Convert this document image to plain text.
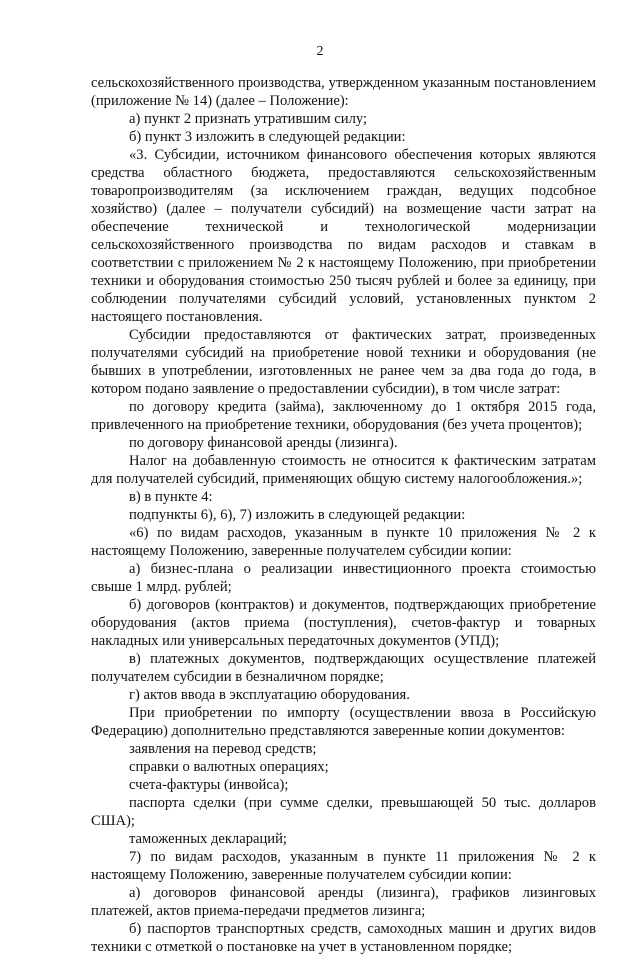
2

сельскохозяйственного производства, утвержденном указанным постановлением (приложение № 14) (далее – Положение):

а) пункт 2 признать утратившим силу;

б) пункт 3 изложить в следующей редакции:

«3. Субсидии, источником финансового обеспечения которых являются средства областного бюджета, предоставляются сельскохозяйственным товаропроизводителям (за исключением граждан, ведущих подсобное хозяйство) (далее – получатели субсидий) на возмещение части затрат на обеспечение технической и технологической модернизации сельскохозяйственного производства по видам расходов и ставкам в соответствии с приложением № 2 к настоящему Положению, при приобретении техники и оборудования стоимостью 250 тысяч рублей и более за единицу, при соблюдении получателями субсидий условий, установленных пунктом 2 настоящего постановления.

Субсидии предоставляются от фактических затрат, произведенных получателями субсидий на приобретение новой техники и оборудования (не бывших в употреблении, изготовленных не ранее чем за два года до года, в котором подано заявление о предоставлении субсидии), в том числе затрат:

по договору кредита (займа), заключенному до 1 октября 2015 года, привлеченного на приобретение техники, оборудования (без учета процентов);

по договору финансовой аренды (лизинга).

Налог на добавленную стоимость не относится к фактическим затратам для получателей субсидий, применяющих общую систему налогообложения.»;

в) в пункте 4:

подпункты 6), 6), 7) изложить в следующей редакции:

«6) по видам расходов, указанным в пункте 10 приложения № 2 к настоящему Положению, заверенные получателем субсидии копии:

а) бизнес-плана о реализации инвестиционного проекта стоимостью свыше 1 млрд. рублей;

б) договоров (контрактов) и документов, подтверждающих приобретение оборудования (актов приема (поступления), счетов-фактур и товарных накладных или универсальных передаточных документов (УПД);

в) платежных документов, подтверждающих осуществление платежей получателем субсидии в безналичном порядке;

г) актов ввода в эксплуатацию оборудования.

При приобретении по импорту (осуществлении ввоза в Российскую Федерацию) дополнительно представляются заверенные копии документов:

заявления на перевод средств;

справки о валютных операциях;

счета-фактуры (инвойса);

паспорта сделки (при сумме сделки, превышающей 50 тыс. долларов США);

таможенных деклараций;

7) по видам расходов, указанным в пункте 11 приложения № 2 к настоящему Положению, заверенные получателем субсидии копии:

а) договоров финансовой аренды (лизинга), графиков лизинговых платежей, актов приема-передачи предметов лизинга;

б) паспортов транспортных средств, самоходных машин и других видов техники с отметкой о постановке на учет в установленном порядке;
